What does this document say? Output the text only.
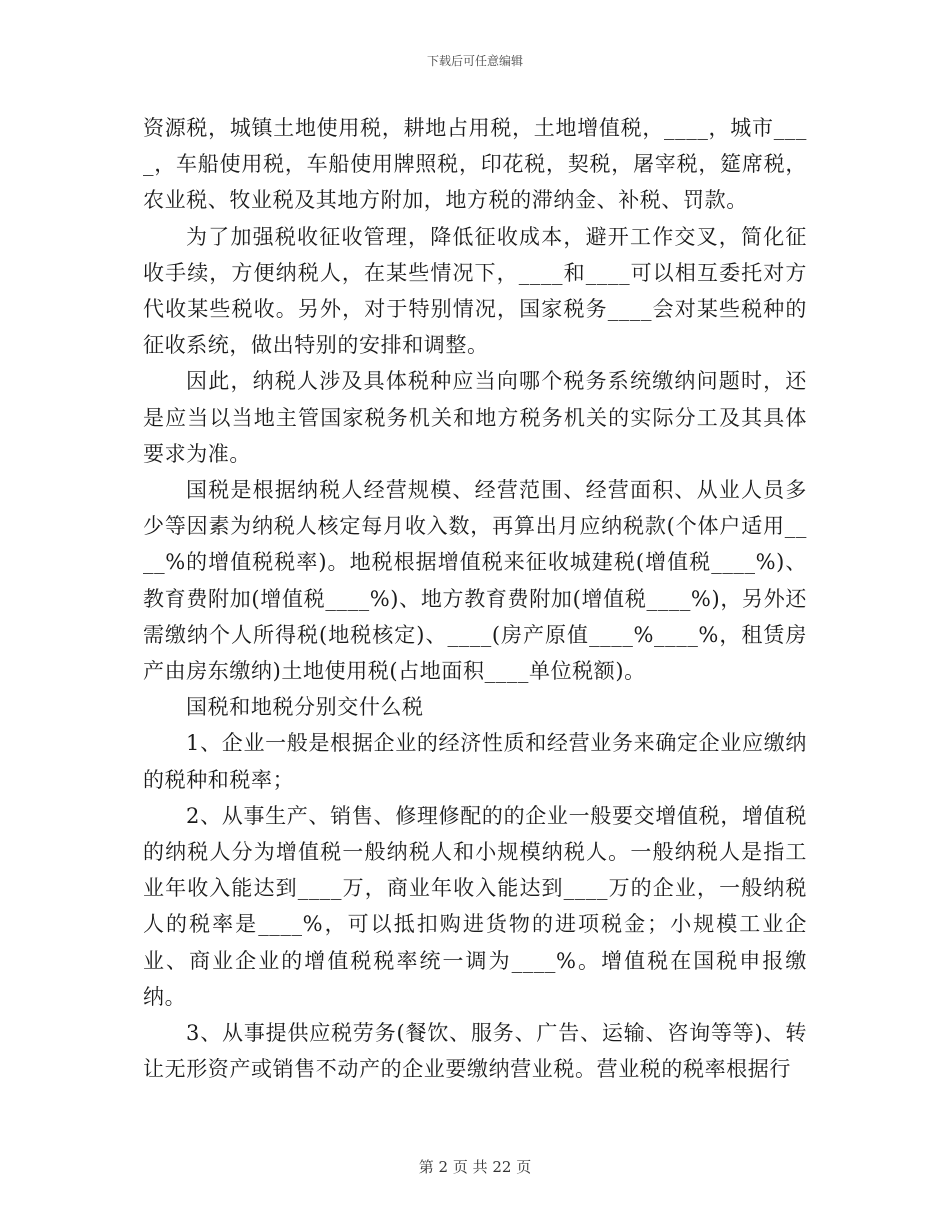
下载后可任意编辑

资源税，城镇土地使用税，耕地占用税，土地增值税，____，城市____，车船使用税，车船使用牌照税，印花税，契税，屠宰税，筵席税，农业税、牧业税及其地方附加，地方税的滞纳金、补税、罚款。

为了加强税收征收管理，降低征收成本，避开工作交叉，简化征收手续，方便纳税人，在某些情况下，____和____可以相互委托对方代收某些税收。另外，对于特别情况，国家税务____会对某些税种的征收系统，做出特别的安排和调整。

因此，纳税人涉及具体税种应当向哪个税务系统缴纳问题时，还是应当以当地主管国家税务机关和地方税务机关的实际分工及其具体要求为准。

国税是根据纳税人经营规模、经营范围、经营面积、从业人员多少等因素为纳税人核定每月收入数，再算出月应纳税款(个体户适用____%的增值税税率)。地税根据增值税来征收城建税(增值税____%)、教育费附加(增值税____%)、地方教育费附加(增值税____%)，另外还需缴纳个人所得税(地税核定)、____(房产原值____%____%，租赁房产由房东缴纳)土地使用税(占地面积____单位税额)。

国税和地税分别交什么税

1、企业一般是根据企业的经济性质和经营业务来确定企业应缴纳的税种和税率；

2、从事生产、销售、修理修配的的企业一般要交增值税，增值税的纳税人分为增值税一般纳税人和小规模纳税人。一般纳税人是指工业年收入能达到____万，商业年收入能达到____万的企业，一般纳税人的税率是____%，可以抵扣购进货物的进项税金；小规模工业企业、商业企业的增值税税率统一调为____%。增值税在国税申报缴纳。

3、从事提供应税劳务(餐饮、服务、广告、运输、咨询等等)、转让无形资产或销售不动产的企业要缴纳营业税。营业税的税率根据行

第 2 页 共 22 页
